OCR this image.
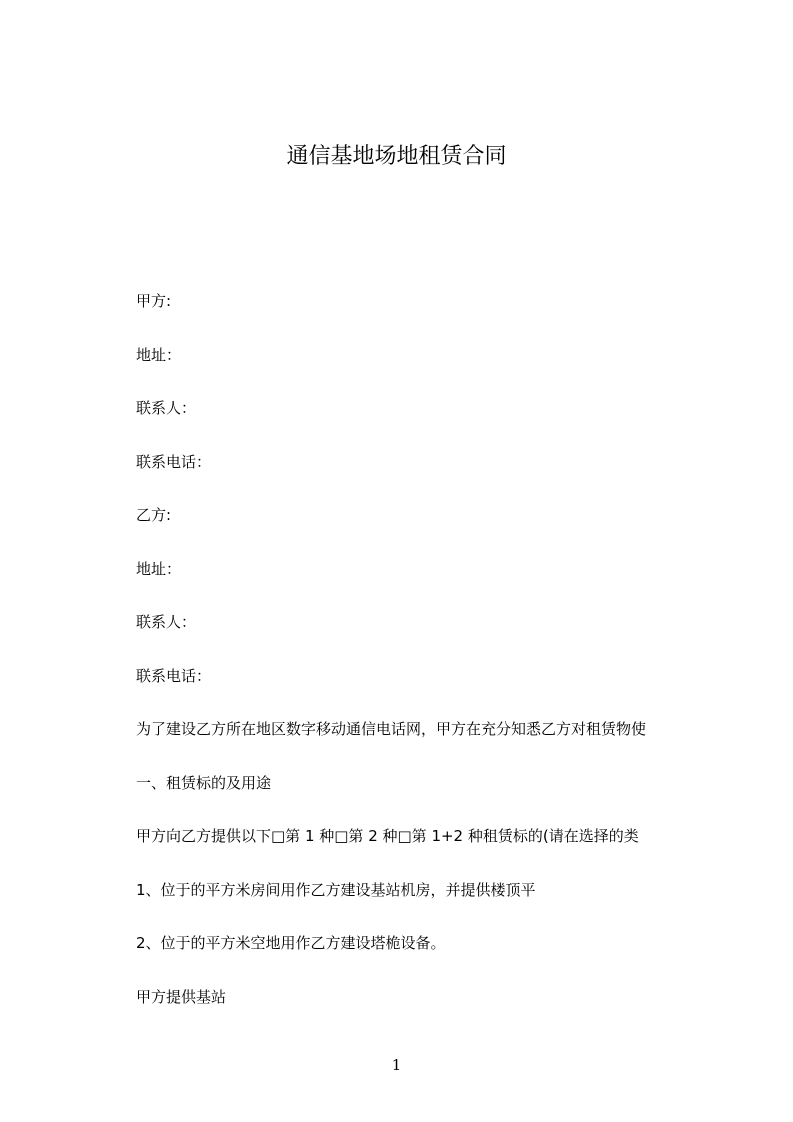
通信基地场地租赁合同
甲方:
地址：
联系人：
联系电话：
乙方:
地址：
联系人：
联系电话：
为了建设乙方所在地区数字移动通信电话网，甲方在充分知悉乙方对租赁物使
一、租赁标的及用途
甲方向乙方提供以下□第 1 种□第 2 种□第 1+2 种租赁标的(请在选择的类
1、位于的平方米房间用作乙方建设基站机房，并提供楼顶平
2、位于的平方米空地用作乙方建设塔桅设备。
甲方提供基站
1
